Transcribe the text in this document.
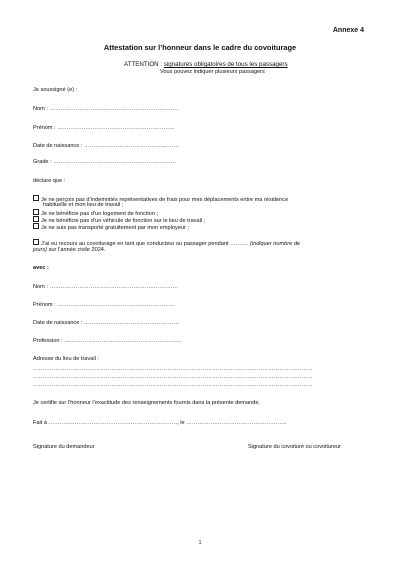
Annexe 4
Attestation sur l’honneur dans le cadre du covoiturage
ATTENTION : signatures obligatoires de tous les passagers
Vous pouvez indiquer plusieurs passagers
Je soussigné (e) :
Nom : ……………………………………………………………
Prénom : ………………………………………………………
Date de naissance : ……………………………………………
Grade : …………………………………………………………
déclare que :
Je ne perçois pas d’indemnités représentatives de frais pour mes déplacements entre ma résidence
habituelle et mon lieu de travail ;
Je ne bénéficie pas d’un logement de fonction ;
Je ne bénéficie pas d’un véhicule de fonction sur le lieu de travail ;
Je ne suis pas transporté gratuitement par mon employeur ;
J’ai eu recours au covoiturage en tant que conducteur ou passager pendant ………. (indiquer nombre de
jours) sur l’année civile 2024.
avec :
Nom : ……………………………………………………………
Prénom : ………………………………………………………
Date de naissance : ……………………………………………
Profession : ………………………………………………………
Adresse du lieu de travail :
……………………………………………………………………………………………………………………………………
……………………………………………………………………………………………………………………………………
……………………………………………………………………………………………………………………………………
Je certifie sur l’honneur l’exactitude des renseignements fournis dans la présente demande.
Fait à ……………………………………………………………, le ………………………………………………
Signature du demandeur	Signature du covoituré ou covoitureur
1
